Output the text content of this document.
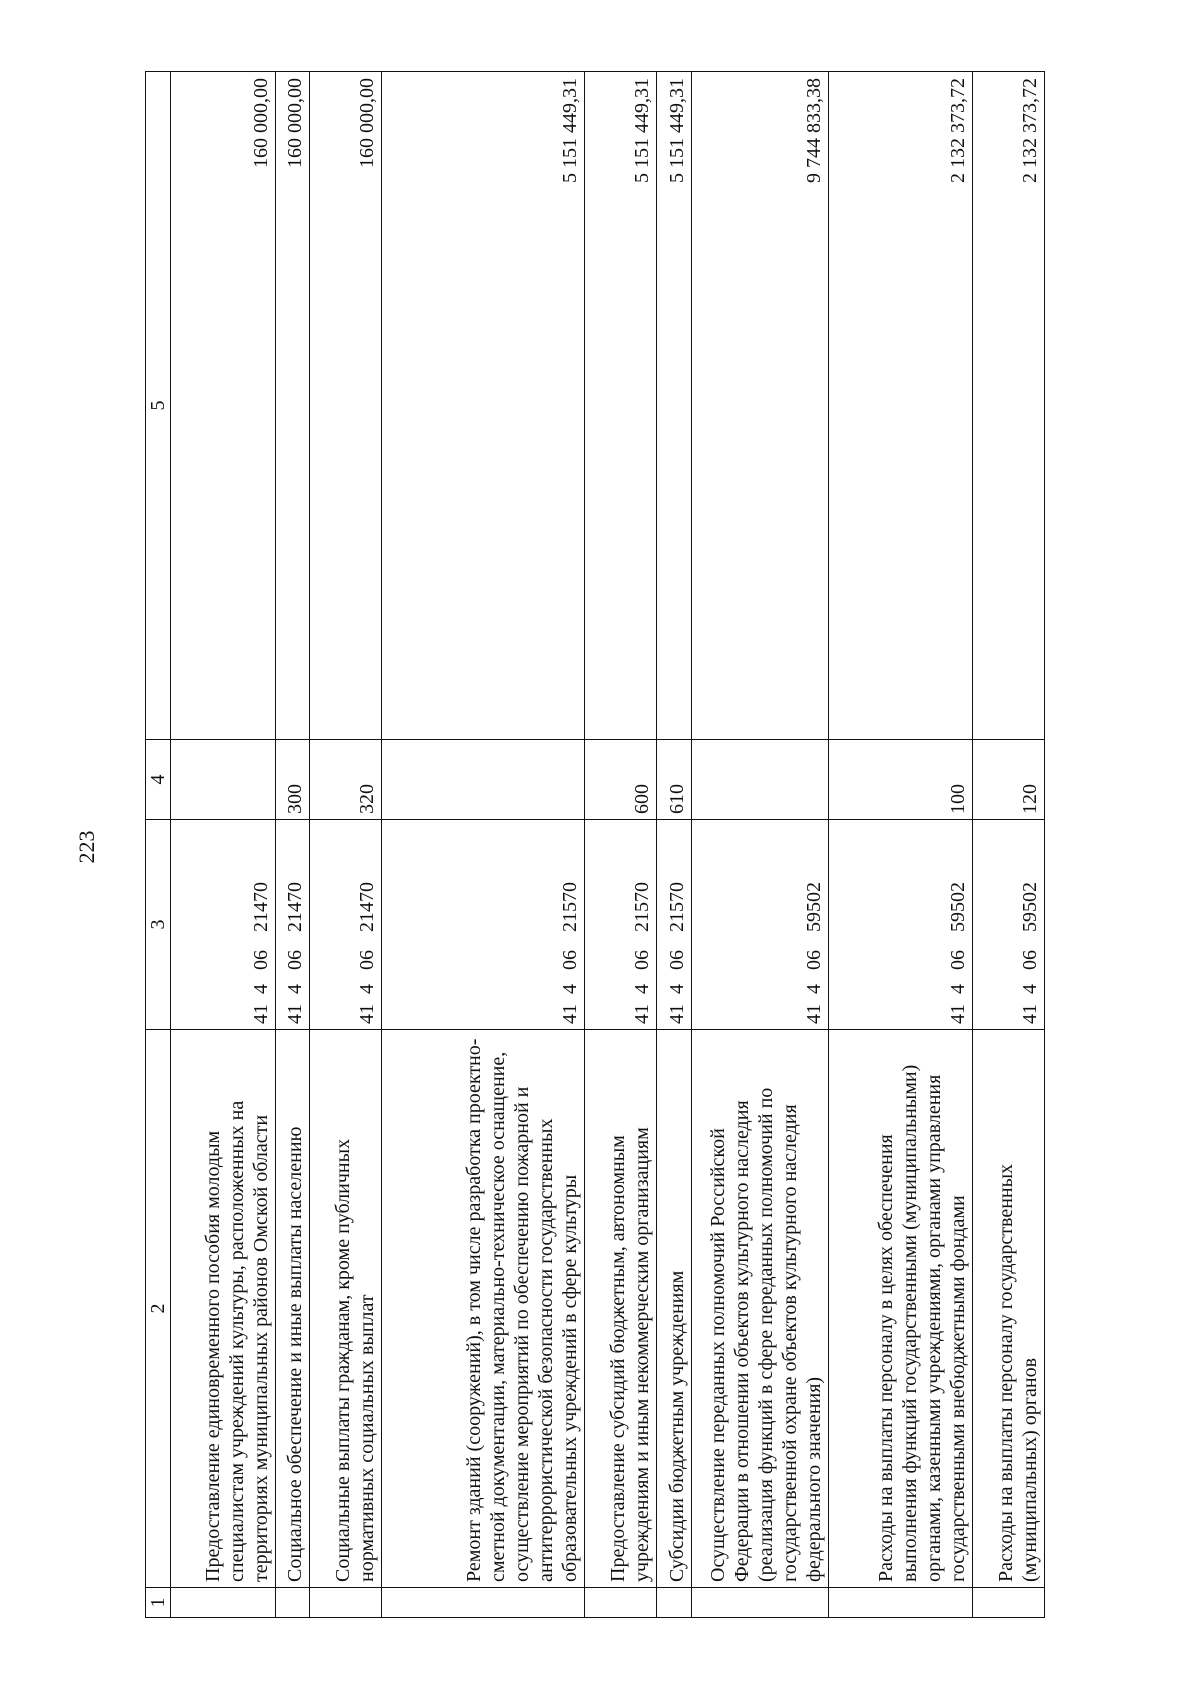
223
1	2	3	4	5
	Предоставление единовременного пособия молодым специалистам учреждений культуры, расположенных на территориях муниципальных районов Омской области	4140621470		160 000,00
	Социальное обеспечение и иные выплаты населению	4140621470	300	160 000,00
	Социальные выплаты гражданам, кроме публичных нормативных социальных выплат	4140621470	320	160 000,00
	Ремонт зданий (сооружений), в том числе разработка проектно-сметной документации, материально-техническое оснащение, осуществление мероприятий по обеспечению пожарной и антитеррористической безопасности государственных образовательных учреждений в сфере культуры	4140621570		5 151 449,31
	Предоставление субсидий бюджетным, автономным учреждениям и иным некоммерческим организациям	4140621570	600	5 151 449,31
	Субсидии бюджетным учреждениям	4140621570	610	5 151 449,31
	Осуществление переданных полномочий Российской Федерации в отношении объектов культурного наследия (реализация функций в сфере переданных полномочий по государственной охране объектов культурного наследия федерального значения)	4140659502		9 744 833,38
	Расходы на выплаты персоналу в целях обеспечения выполнения функций государственными (муниципальными) органами, казенными учреждениями, органами управления государственными внебюджетными фондами	4140659502	100	2 132 373,72
	Расходы на выплаты персоналу государственных (муниципальных) органов	4140659502	120	2 132 373,72
